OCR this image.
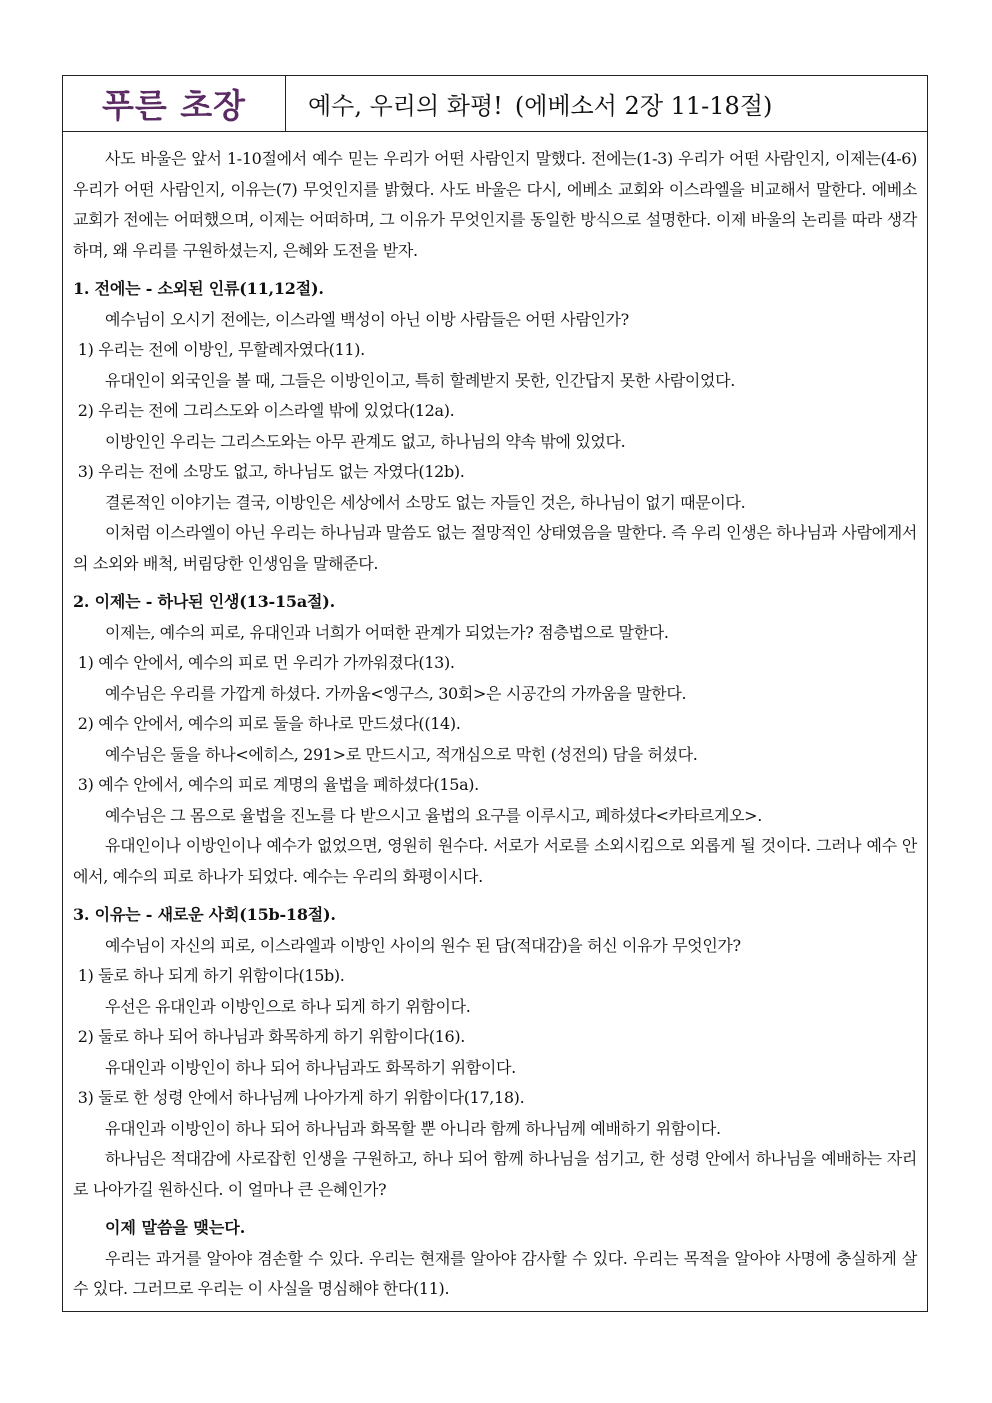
푸른 초장	예수, 우리의 화평! (에베소서 2장 11-18절)

사도 바울은 앞서 1-10절에서 예수 믿는 우리가 어떤 사람인지 말했다. 전에는(1-3) 우리가 어떤 사람인지, 이제는(4-6) 우리가 어떤 사람인지, 이유는(7) 무엇인지를 밝혔다. 사도 바울은 다시, 에베소 교회와 이스라엘을 비교해서 말한다. 에베소 교회가 전에는 어떠했으며, 이제는 어떠하며, 그 이유가 무엇인지를 동일한 방식으로 설명한다. 이제 바울의 논리를 따라 생각하며, 왜 우리를 구원하셨는지, 은혜와 도전을 받자.

1. 전에는 - 소외된 인류(11,12절).

예수님이 오시기 전에는, 이스라엘 백성이 아닌 이방 사람들은 어떤 사람인가?

1) 우리는 전에 이방인, 무할례자였다(11).

유대인이 외국인을 볼 때, 그들은 이방인이고, 특히 할례받지 못한, 인간답지 못한 사람이었다.

2) 우리는 전에 그리스도와 이스라엘 밖에 있었다(12a).

이방인인 우리는 그리스도와는 아무 관계도 없고, 하나님의 약속 밖에 있었다.

3) 우리는 전에 소망도 없고, 하나님도 없는 자였다(12b).

결론적인 이야기는 결국, 이방인은 세상에서 소망도 없는 자들인 것은, 하나님이 없기 때문이다.

이처럼 이스라엘이 아닌 우리는 하나님과 말씀도 없는 절망적인 상태였음을 말한다. 즉 우리 인생은 하나님과 사람에게서의 소외와 배척, 버림당한 인생임을 말해준다.

2. 이제는 - 하나된 인생(13-15a절).

이제는, 예수의 피로, 유대인과 너희가 어떠한 관계가 되었는가? 점층법으로 말한다.

1) 예수 안에서, 예수의 피로 먼 우리가 가까워졌다(13).

예수님은 우리를 가깝게 하셨다. 가까움<엥구스, 30회>은 시공간의 가까움을 말한다.

2) 예수 안에서, 예수의 피로 둘을 하나로 만드셨다((14).

예수님은 둘을 하나<에히스, 291>로 만드시고, 적개심으로 막힌 (성전의) 담을 허셨다.

3) 예수 안에서, 예수의 피로 계명의 율법을 폐하셨다(15a).

예수님은 그 몸으로 율법을 진노를 다 받으시고 율법의 요구를 이루시고, 폐하셨다<카타르게오>.

유대인이나 이방인이나 예수가 없었으면, 영원히 원수다. 서로가 서로를 소외시킴으로 외롭게 될 것이다. 그러나 예수 안에서, 예수의 피로 하나가 되었다. 예수는 우리의 화평이시다.

3. 이유는 - 새로운 사회(15b-18절).

예수님이 자신의 피로, 이스라엘과 이방인 사이의 원수 된 담(적대감)을 허신 이유가 무엇인가?

1) 둘로 하나 되게 하기 위함이다(15b).

우선은 유대인과 이방인으로 하나 되게 하기 위함이다.

2) 둘로 하나 되어 하나님과 화목하게 하기 위함이다(16).

유대인과 이방인이 하나 되어 하나님과도 화목하기 위함이다.

3) 둘로 한 성령 안에서 하나님께 나아가게 하기 위함이다(17,18).

유대인과 이방인이 하나 되어 하나님과 화목할 뿐 아니라 함께 하나님께 예배하기 위함이다.

하나님은 적대감에 사로잡힌 인생을 구원하고, 하나 되어 함께 하나님을 섬기고, 한 성령 안에서 하나님을 예배하는 자리로 나아가길 원하신다. 이 얼마나 큰 은혜인가?

이제 말씀을 맺는다.

우리는 과거를 알아야 겸손할 수 있다. 우리는 현재를 알아야 감사할 수 있다. 우리는 목적을 알아야 사명에 충실하게 살 수 있다. 그러므로 우리는 이 사실을 명심해야 한다(11).
